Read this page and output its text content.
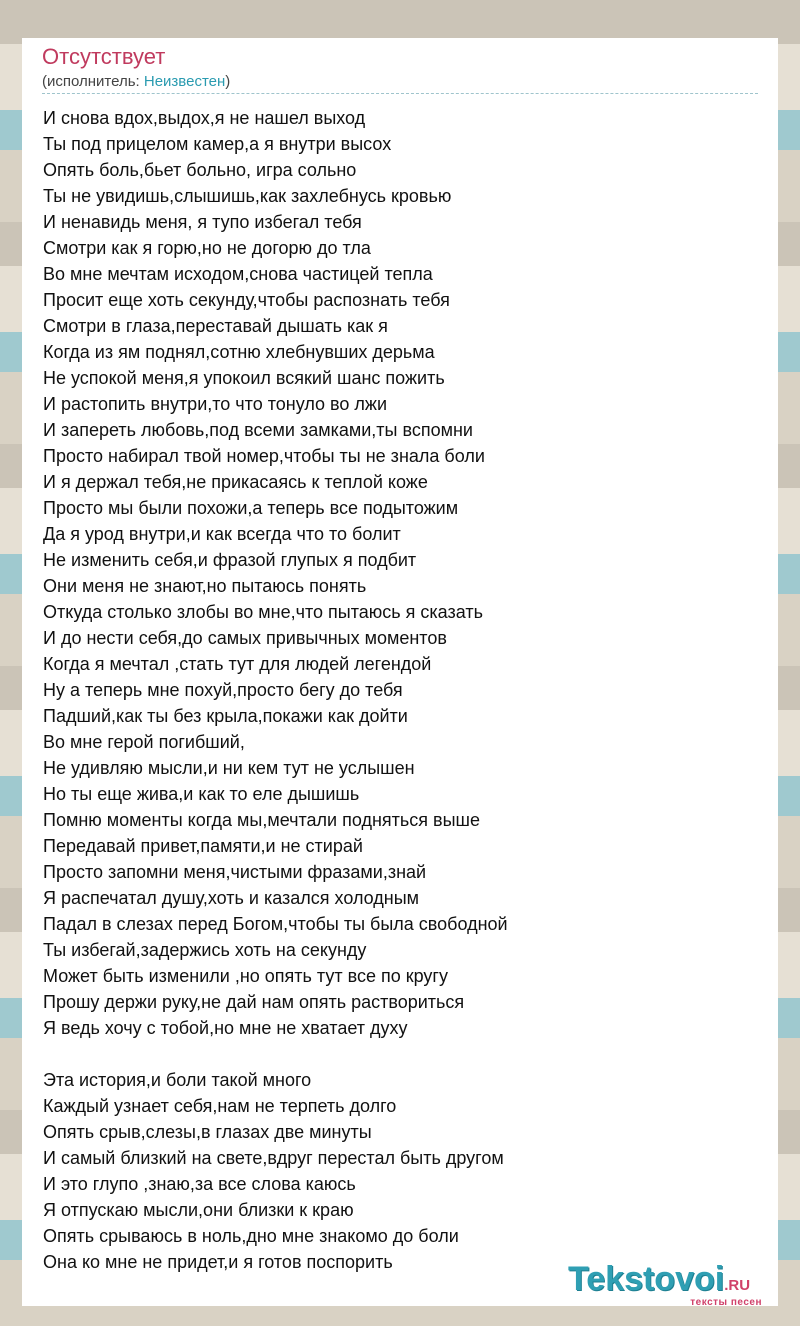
Отсутствует
(исполнитель: Неизвестен)
И снова вдох,выдох,я не нашел выход
Ты под прицелом камер,а я внутри высох
Опять боль,бьет больно, игра сольно
Ты не увидишь,слышишь,как захлебнусь кровью
И ненавидь меня, я тупо избегал тебя
Смотри как я горю,но не догорю до тла
Во мне мечтам исходом,снова частицей тепла
Просит еще хоть секунду,чтобы распознать тебя
Смотри в глаза,переставай дышать как я
Когда из ям поднял,сотню хлебнувших дерьма
Не успокой меня,я упокоил всякий шанс пожить
И растопить внутри,то что тонуло во лжи
И запереть любовь,под всеми замками,ты вспомни
Просто набирал твой номер,чтобы ты не знала боли
И я держал тебя,не прикасаясь к теплой коже
Просто мы были похожи,а теперь все подытожим
Да я урод внутри,и как всегда что то болит
Не изменить себя,и фразой глупых я подбит
Они меня не знают,но пытаюсь понять
Откуда столько злобы во мне,что пытаюсь я сказать
И до нести себя,до самых привычных моментов
Когда я мечтал ,стать тут для людей легендой
Ну а теперь мне похуй,просто бегу до тебя
Падший,как ты без крыла,покажи как дойти
Во мне герой погибший,
Не удивляю мысли,и ни кем тут не услышен
Но ты еще жива,и как то еле дышишь
Помню моменты когда мы,мечтали подняться выше
Передавай привет,памяти,и не стирай
Просто запомни меня,чистыми фразами,знай
Я распечатал душу,хоть и казался холодным
Падал в слезах перед Богом,чтобы ты была свободной
Ты избегай,задержись хоть на секунду
Может быть изменили ,но опять тут все по кругу
Прошу держи руку,не дай нам опять раствориться
Я ведь хочу с тобой,но мне не хватает духу
Эта история,и боли такой много
Каждый узнает себя,нам не терпеть долго
Опять срыв,слезы,в глазах две минуты
И самый близкий на свете,вдруг перестал быть другом
И это глупо ,знаю,за все слова каюсь
Я отпускаю мысли,они близки к краю
Опять срываюсь в ноль,дно мне знакомо до боли
Она ко мне не придет,и я готов поспорить	Tekstovoi.RU
тексты песен
